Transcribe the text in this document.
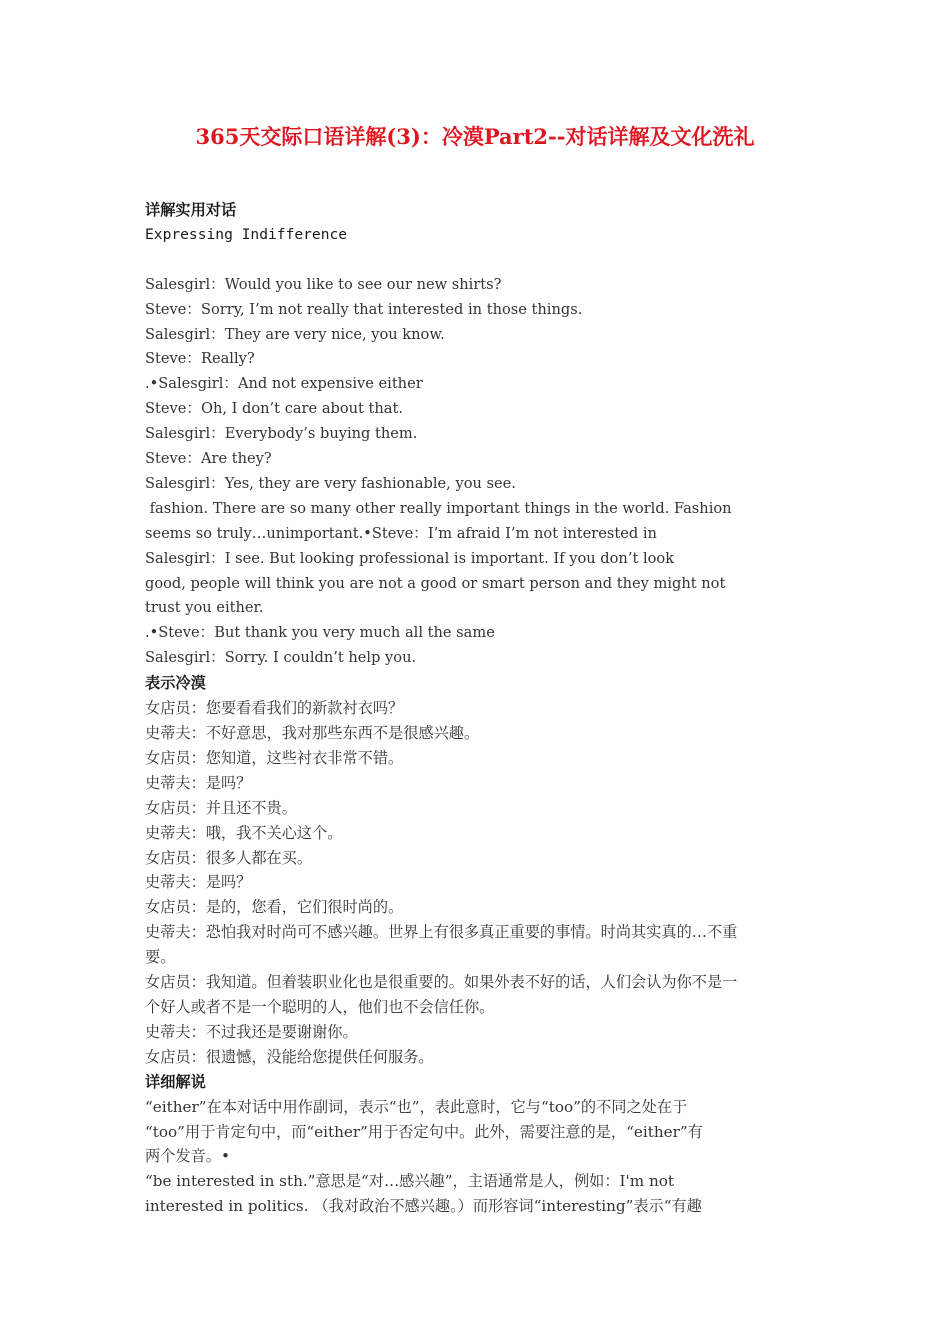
365天交际口语详解(3)：冷漠Part2--对话详解及文化洗礼
详解实用对话
Expressing Indifference
Salesgirl：Would you like to see our new shirts?
Steve：Sorry, I’m not really that interested in those things.
Salesgirl：They are very nice, you know.
Steve：Really?
.•Salesgirl：And not expensive either
Steve：Oh, I don’t care about that.
Salesgirl：Everybody’s buying them.
Steve：Are they?
Salesgirl：Yes, they are very fashionable, you see.
fashion. There are so many other really important things in the world. Fashion
seems so truly…unimportant.•Steve：I’m afraid I’m not interested in
Salesgirl：I see. But looking professional is important. If you don’t look
good, people will think you are not a good or smart person and they might not
trust you either.
.•Steve：But thank you very much all the same
Salesgirl：Sorry. I couldn’t help you.
表示冷漠
女店员：您要看看我们的新款衬衣吗？
史蒂夫：不好意思，我对那些东西不是很感兴趣。
女店员：您知道，这些衬衣非常不错。
史蒂夫：是吗？
女店员：并且还不贵。
史蒂夫：哦，我不关心这个。
女店员：很多人都在买。
史蒂夫：是吗？
女店员：是的，您看，它们很时尚的。
史蒂夫：恐怕我对时尚可不感兴趣。世界上有很多真正重要的事情。时尚其实真的…不重
要。
女店员：我知道。但着装职业化也是很重要的。如果外表不好的话，人们会认为你不是一
个好人或者不是一个聪明的人，他们也不会信任你。
史蒂夫：不过我还是要谢谢你。
女店员：很遗憾，没能给您提供任何服务。
详细解说
“either”在本对话中用作副词，表示“也”，表此意时，它与“too”的不同之处在于
“too”用于肯定句中，而“either”用于否定句中。此外，需要注意的是，“either”有
两个发音。•
“be interested in sth.”意思是“对…感兴趣”，主语通常是人，例如：I'm not
interested in politics. （我对政治不感兴趣。）而形容词“interesting”表示“有趣
